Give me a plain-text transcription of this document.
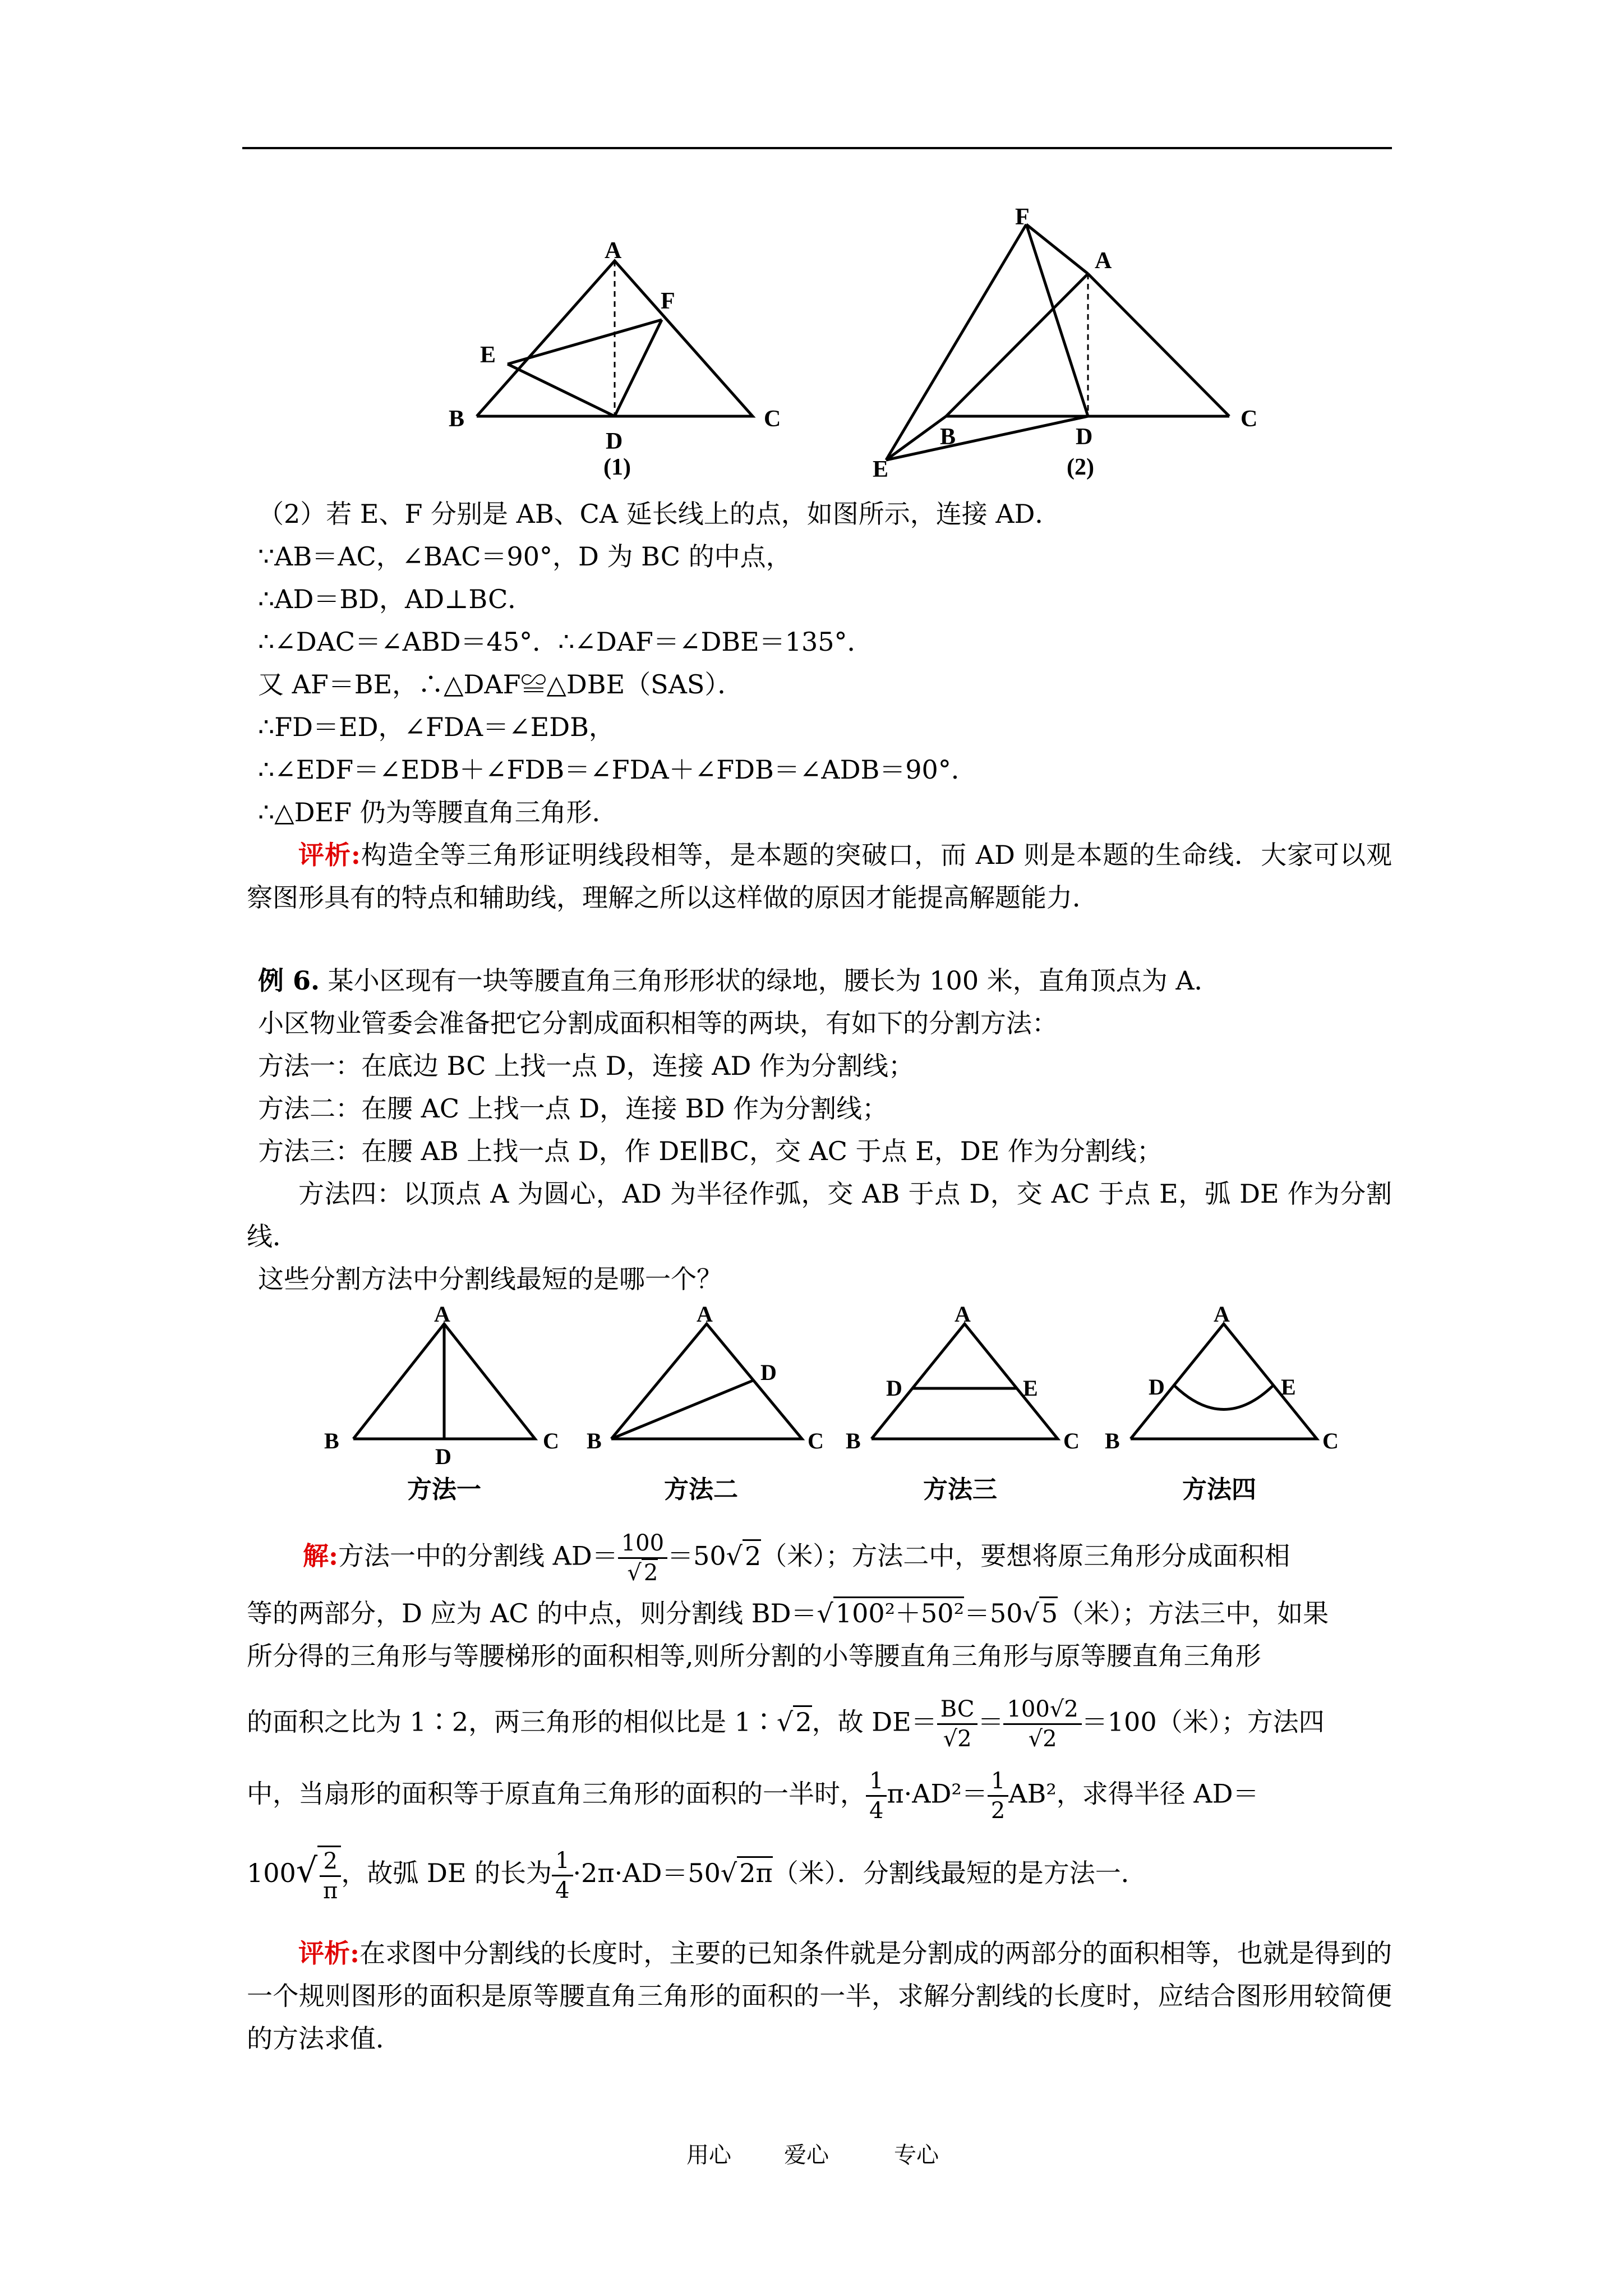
A
B	C
D
E
F
(1)
F
A
C
B	D
E	(2)
（2）若 E、F 分别是 AB、CA 延长线上的点，如图所示，连接 AD．
∵AB＝AC，∠BAC＝90°，D 为 BC 的中点，
∴AD＝BD，AD⊥BC．
∴∠DAC＝∠ABD＝45°．∴∠DAF＝∠DBE＝135°．
又 AF＝BE，∴△DAF≌△DBE（SAS）．
∴FD＝ED，∠FDA＝∠EDB，
∴∠EDF＝∠EDB＋∠FDB＝∠FDA＋∠FDB＝∠ADB＝90°．
∴△DEF 仍为等腰直角三角形．
评析:构造全等三角形证明线段相等，是本题的突破口，而 AD 则是本题的生命线．大家可以观察图形具有的特点和辅助线，理解之所以这样做的原因才能提高解题能力．
例 6. 某小区现有一块等腰直角三角形形状的绿地，腰长为 100 米，直角顶点为 A．
小区物业管委会准备把它分割成面积相等的两块，有如下的分割方法：
方法一：在底边 BC 上找一点 D，连接 AD 作为分割线；
方法二：在腰 AC 上找一点 D，连接 BD 作为分割线；
方法三：在腰 AB 上找一点 D，作 DE∥BC，交 AC 于点 E，DE 作为分割线；
方法四：以顶点 A 为圆心，AD 为半径作弧，交 AB 于点 D，交 AC 于点 E，弧 DE 作为分割线．
这些分割方法中分割线最短的是哪一个？
A
B	C
D
A
B	C
D
A
B	C
D	E
A
B	C
D	E
方法一	方法二	方法三	方法四
解:方法一中的分割线 $AD= \frac{100}{√ 2} =50√2$（米）；方法二中，要想将原三角形分成面积相
等的两部分，D 应为 AC 的中点，则分割线 BD＝√100²＋50²＝50√5（米）；方法三中，如果
所分得的三角形与等腰梯形的面积相等,则所分割的小等腰直角三角形与原等腰直角三角形
的面积之比为 1∶2，两三角形的相似比是 1∶√2，故 $DE= \frac{BC}{√2} = \frac{100√2}{√2} =100$（米）；方法四
中，当扇形的面积等于原直角三角形的面积的一半时， $\frac{1}{4} \pi\cdot AD^2= \frac{1}{2} AB^2$，求得半径 AD＝
$100√ \frac{2}{\pi}$ ，故弧 DE 的长为 $\frac{1}{4} \cdot 2\pi\cdot AD=50√2\pi$（米）．分割线最短的是方法一．
评析:在求图中分割线的长度时，主要的已知条件就是分割成的两部分的面积相等，也就是得到的一个规则图形的面积是原等腰直角三角形的面积的一半，求解分割线的长度时，应结合图形用较简便的方法求值．
用心 爱心	专心
